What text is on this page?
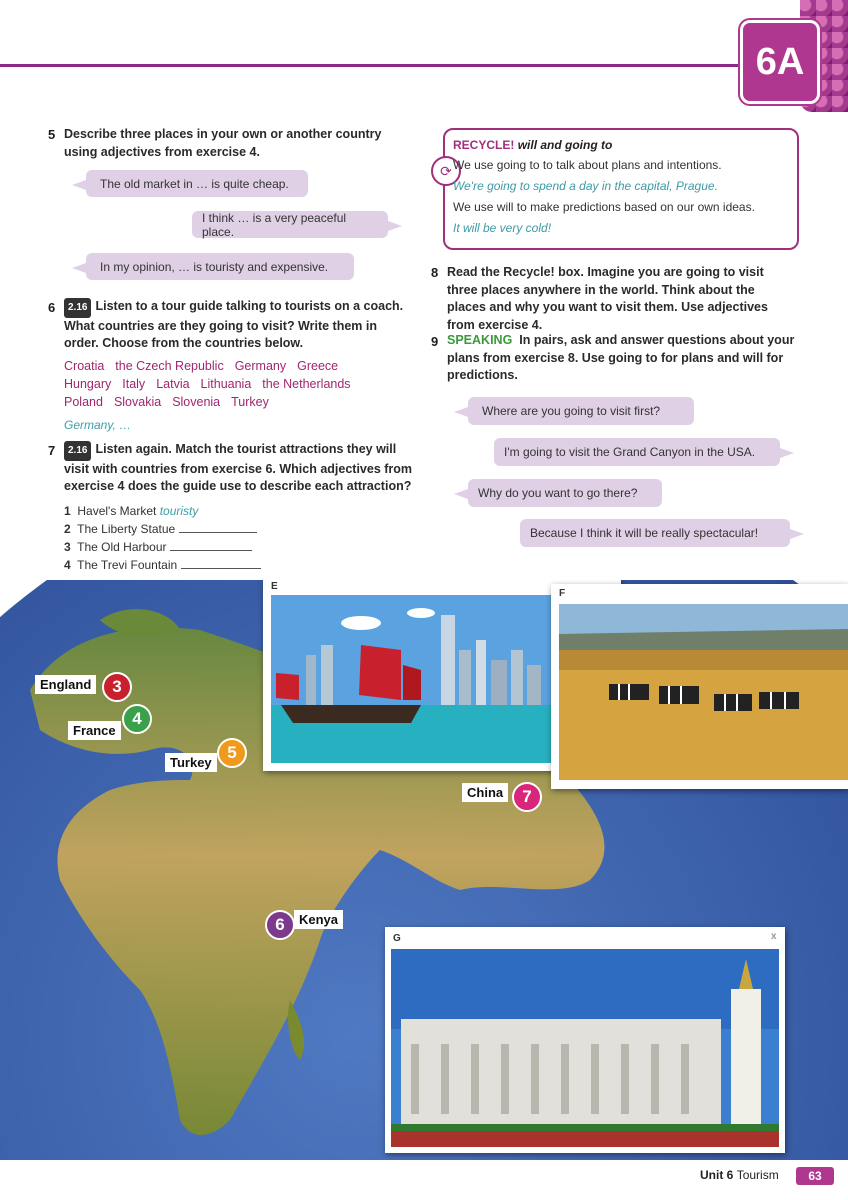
6A
5 Describe three places in your own or another country using adjectives from exercise 4.
The old market in … is quite cheap.
I think … is a very peaceful place.
In my opinion, … is touristy and expensive.
6	2.16 Listen to a tour guide talking to tourists on a coach. What countries are they going to visit? Write them in order. Choose from the countries below.
Croatia the Czech Republic Germany Greece
Hungary Italy Latvia Lithuania the Netherlands
Poland Slovakia Slovenia Turkey
Germany, …
7	2.16 Listen again. Match the tourist attractions they will visit with countries from exercise 6. Which adjectives from exercise 4 does the guide use to describe each attraction?
1 Havel's Market touristy
2 The Liberty Statue
3 The Old Harbour
4 The Trevi Fountain
⟳
RECYCLE! will and going to
We use going to to talk about plans and intentions.
We're going to spend a day in the capital, Prague.
We use will to make predictions based on our own ideas.
It will be very cold!
8 Read the Recycle! box. Imagine you are going to visit three places anywhere in the world. Think about the places and why you want to visit them. Use adjectives from exercise 4.
9 SPEAKING In pairs, ask and answer questions about your plans from exercise 8. Use going to for plans and will for predictions.
Where are you going to visit first?
I'm going to visit the Grand Canyon in the USA.
Why do you want to go there?
Because I think it will be really spectacular!
England	3
France
4
Turkey
5
China	7
6	Kenya
E
F
G	x
Unit 6 Tourism	63
